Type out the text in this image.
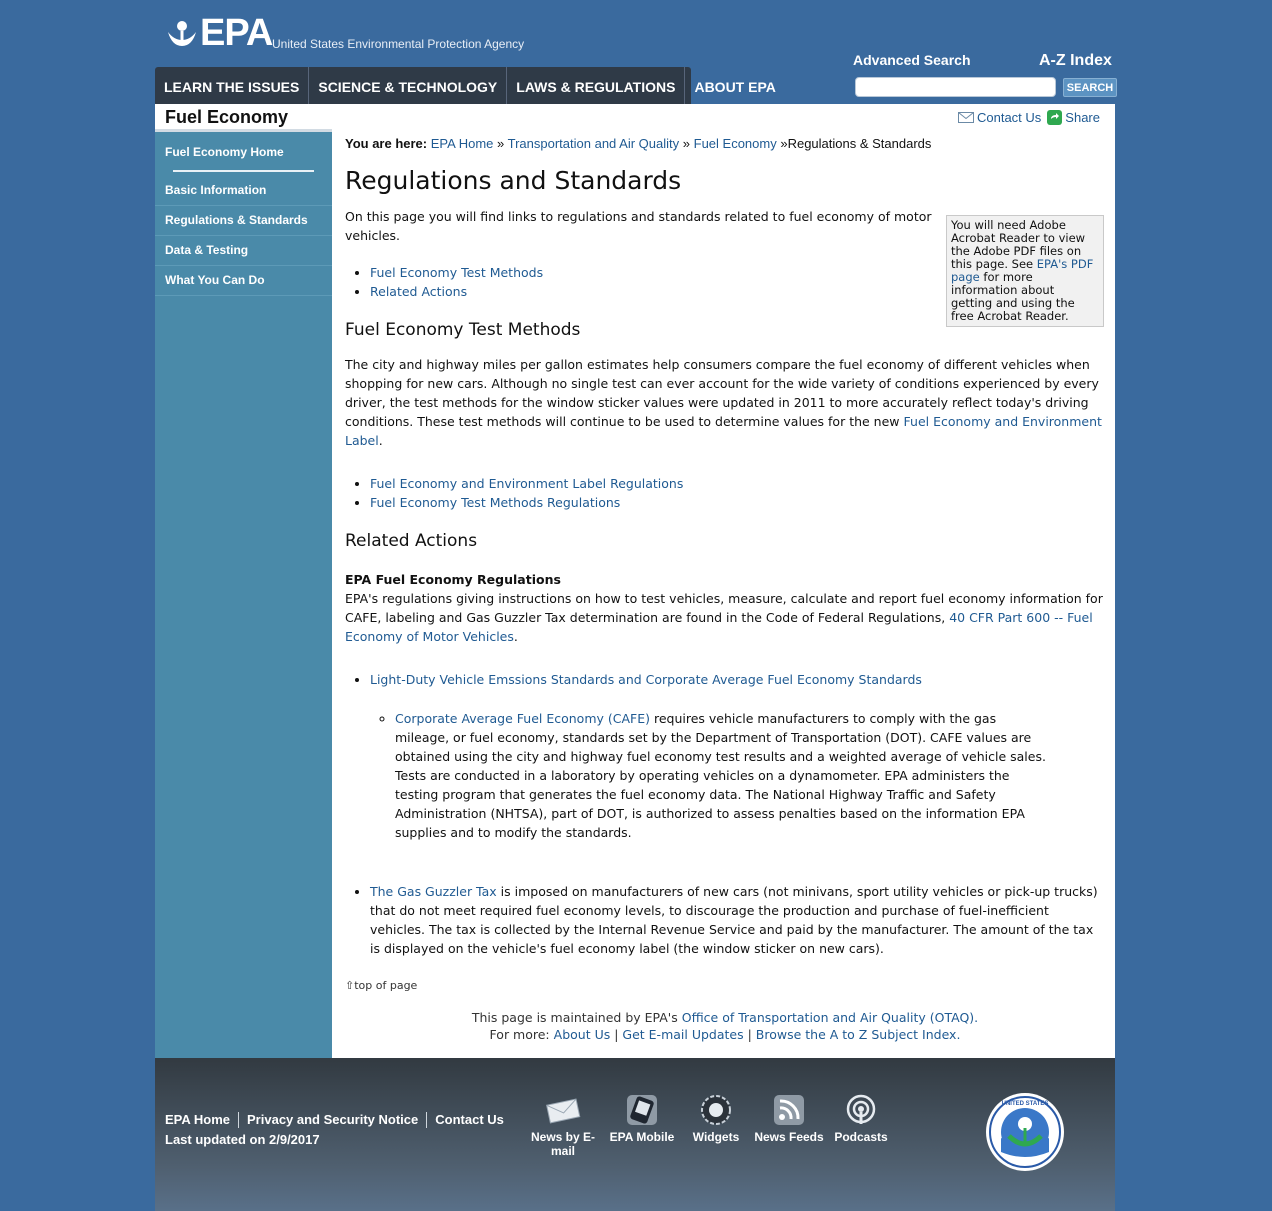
EPA United States Environmental Protection Agency
Advanced Search	A-Z Index
SEARCH
LEARN THE ISSUES	SCIENCE & TECHNOLOGY	LAWS & REGULATIONS	ABOUT EPA
Fuel Economy	Contact Us Share
Fuel Economy Home
Basic Information
Regulations & Standards
Data & Testing
What You Can Do

You are here: EPA Home » Transportation and Air Quality » Fuel Economy »Regulations & Standards

Regulations and Standards

On this page you will find links to regulations and standards related to fuel economy of motor vehicles.

• Fuel Economy Test Methods
• Related Actions
Fuel Economy Test Methods

The city and highway miles per gallon estimates help consumers compare the fuel economy of different vehicles when shopping for new cars. Although no single test can ever account for the wide variety of conditions experienced by every driver, the test methods for the window sticker values were updated in 2011 to more accurately reflect today's driving conditions. These test methods will continue to be used to determine values for the new Fuel Economy and Environment Label.

• Fuel Economy and Environment Label Regulations
• Fuel Economy Test Methods Regulations
Related Actions

EPA Fuel Economy Regulations

EPA's regulations giving instructions on how to test vehicles, measure, calculate and report fuel economy information for CAFE, labeling and Gas Guzzler Tax determination are found in the Code of Federal Regulations, 40 CFR Part 600 -- Fuel Economy of Motor Vehicles.

• Light-Duty Vehicle Emssions Standards and Corporate Average Fuel Economy Standards
◦ Corporate Average Fuel Economy (CAFE) requires vehicle manufacturers to comply with the gas mileage, or fuel economy, standards set by the Department of Transportation (DOT). CAFE values are obtained using the city and highway fuel economy test results and a weighted average of vehicle sales. Tests are conducted in a laboratory by operating vehicles on a dynamometer. EPA administers the testing program that generates the fuel economy data. The National Highway Traffic and Safety Administration (NHTSA), part of DOT, is authorized to assess penalties based on the information EPA supplies and to modify the standards.
• The Gas Guzzler Tax is imposed on manufacturers of new cars (not minivans, sport utility vehicles or pick-up trucks) that do not meet required fuel economy levels, to discourage the production and purchase of fuel-inefficient vehicles. The tax is collected by the Internal Revenue Service and paid by the manufacturer. The amount of the tax is displayed on the vehicle's fuel economy label (the window sticker on new cars).
⇧top of page
This page is maintained by EPA's Office of Transportation and Air Quality (OTAQ).
For more: About Us | Get E-mail Updates | Browse the A to Z Subject Index.
You will need Adobe Acrobat Reader to view the Adobe PDF files on this page. See EPA's PDF page for more information about getting and using the free Acrobat Reader.
EPA Home	Privacy and Security Notice	Contact Us
Last updated on 2/9/2017	News by E-mail
EPA Mobile	Widgets	News Feeds Podcasts
UNITED STATES
